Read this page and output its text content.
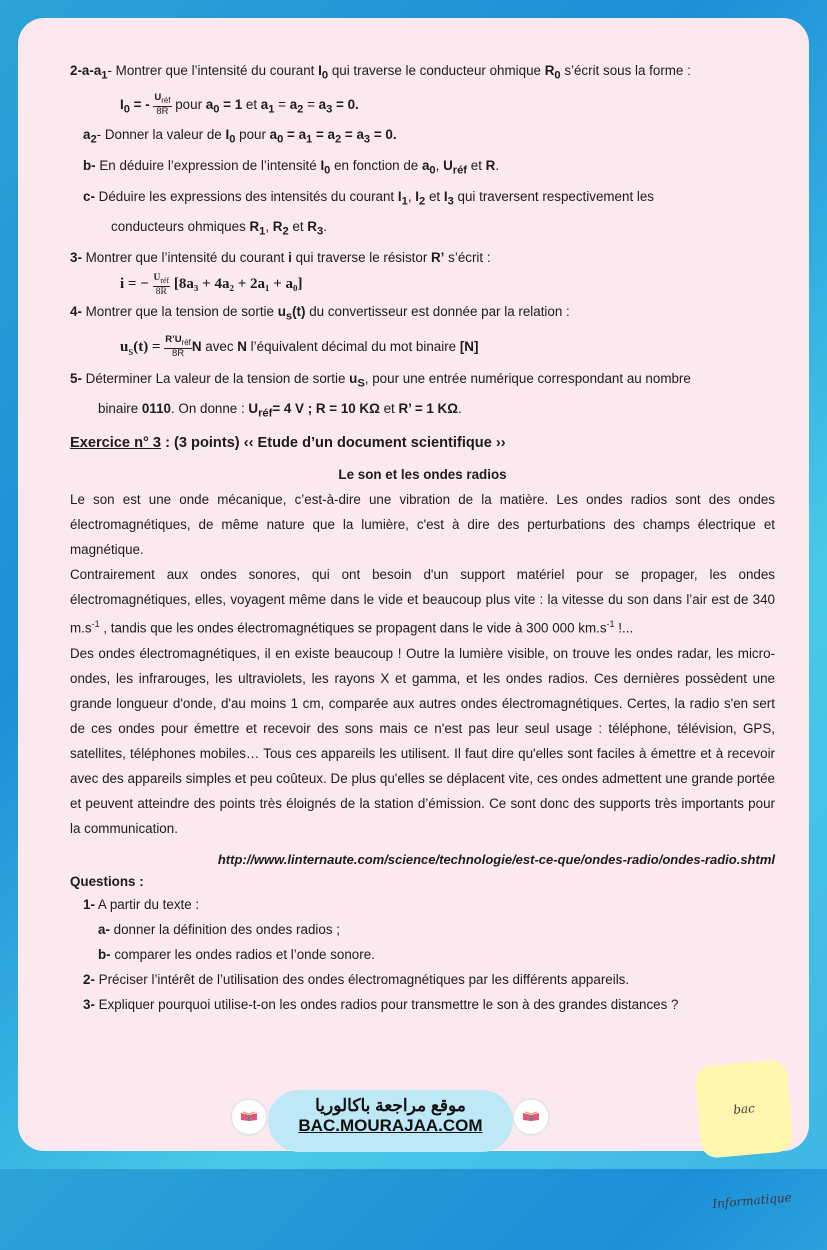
$2-a-a_1-$ Montrer que l’intensité du courant $I_0$ qui traverse le conducteur ohmique $R_0$ s’écrit sous la forme :
$I_0$ = - $\frac{U_{réf}}{8R}$ pour $a_0 = 1$ et $a_1 = a_2 = a_3 = 0$.
$a_2-$ Donner la valeur de $I_0$ pour $a_0 = a_1 = a_2 = a_3 = 0$.
b- En déduire l’expression de l’intensité $I_0$ en fonction de $a_0$, $U_{réf}$ et R.
c- Déduire les expressions des intensités du courant $I_1$, $I_2$ et $I_3$ qui traversent respectivement les
conducteurs ohmiques $R_1$, $R_2$ et $R_3$.
3- Montrer que l’intensité du courant i qui traverse le résistor R’ s’écrit :
i = − $\frac{U_{réf}}{8R} [8a_3 + 4a_2 + 2a_1 + a_0]$
4- Montrer que la tension de sortie $u_s(t)$ du convertisseur est donnée par la relation :
$u_s(t) = \frac{R’U_{réf}}{8R}$ N avec N l’équivalent décimal du mot binaire [N]
5- Déterminer La valeur de la tension de sortie $u_S$, pour une entrée numérique correspondant au nombre
binaire 0110. On donne : $U_{réf}= 4$ V ; R = 10 KΩ et R’ = 1 KΩ.
Exercice n° 3 : (3 points) ‹‹ Etude d’un document scientifique ››
Le son et les ondes radios
Le son est une onde mécanique, c’est-à-dire une vibration de la matière. Les ondes radios sont des ondes électromagnétiques, de même nature que la lumière, c'est à dire des perturbations des champs électrique et magnétique.
Contrairement aux ondes sonores, qui ont besoin d'un support matériel pour se propager, les ondes électromagnétiques, elles, voyagent même dans le vide et beaucoup plus vite : la vitesse du son dans l’air est de 340 $m.s^{-1}$ , tandis que les ondes électromagnétiques se propagent dans le vide à 300 000 $km.s^{-1}$ !...
Des ondes électromagnétiques, il en existe beaucoup ! Outre la lumière visible, on trouve les ondes radar, les micro-ondes, les infrarouges, les ultraviolets, les rayons X et gamma, et les ondes radios. Ces dernières possèdent une grande longueur d'onde, d'au moins 1 cm, comparée aux autres ondes électromagnétiques. Certes, la radio s'en sert de ces ondes pour émettre et recevoir des sons mais ce n'est pas leur seul usage : téléphone, télévision, GPS, satellites, téléphones mobiles… Tous ces appareils les utilisent. Il faut dire qu'elles sont faciles à émettre et à recevoir avec des appareils simples et peu coûteux. De plus qu'elles se déplacent vite, ces ondes admettent une grande portée et peuvent atteindre des points très éloignés de la station d’émission. Ce sont donc des supports très importants pour la communication.
http://www.linternaute.com/science/technologie/est-ce-que/ondes-radio/ondes-radio.shtml
Questions :
1- A partir du texte :
a- donner la définition des ondes radios ;
b- comparer les ondes radios et l’onde sonore.
2- Préciser l’intérêt de l’utilisation des ondes électromagnétiques par les différents appareils.
3- Expliquer pourquoi utilise-t-on les ondes radios pour transmettre le son à des grandes distances ?
موقع مراجعة باكالوريا
BAC.MOURAJAA.COM
bac Informatique
